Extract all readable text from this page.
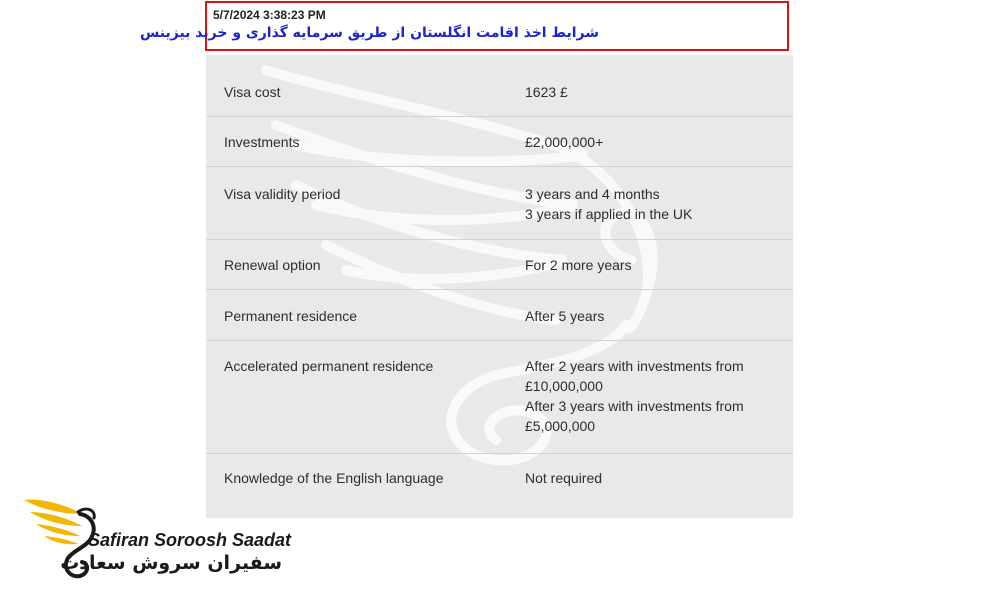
5/7/2024 3:38:23 PM
شرایط اخذ اقامت انگلستان از طریق سرمایه گذاری و خرید بیزینس
Visa cost	1623 £
Investments	£2,000,000+
Visa validity period	3 years and 4 months
3 years if applied in the UK
Renewal option	For 2 more years
Permanent residence	After 5 years
Accelerated permanent residence	After 2 years with investments from
£10,000,000
After 3 years with investments from
£5,000,000
Knowledge of the English language	Not required
Safiran Soroosh Saadat
سفیران سروش سعادت
